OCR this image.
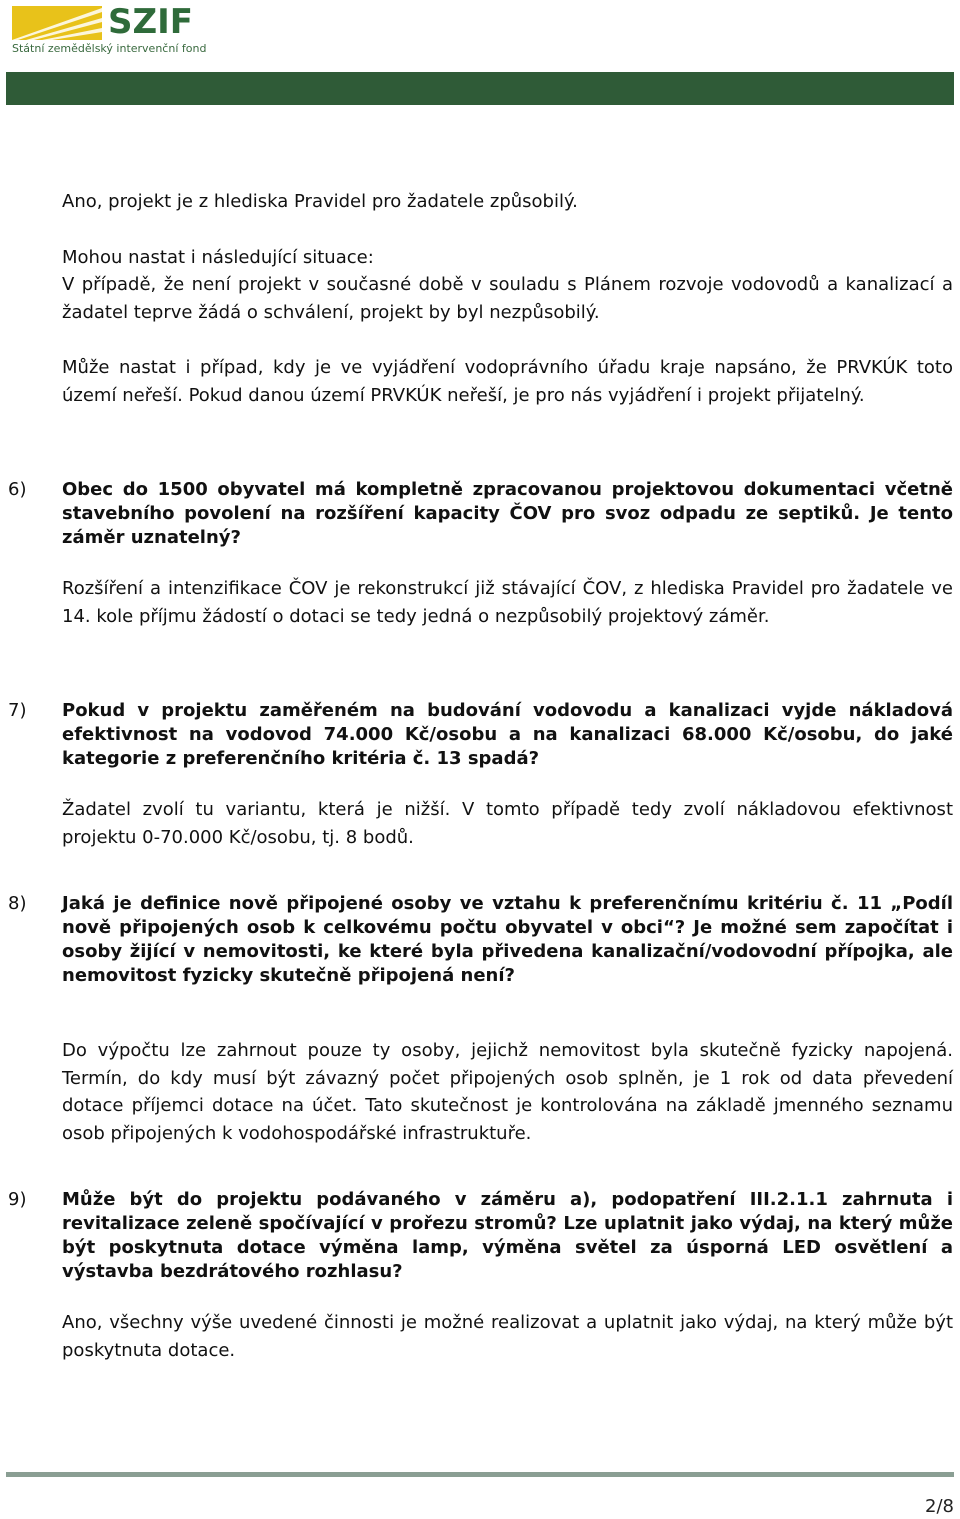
SZIF
Státní zemědělský intervenční fond
Ano, projekt je z hlediska Pravidel pro žadatele způsobilý.
Mohou nastat i následující situace:
V případě, že není projekt v současné době v souladu s Plánem rozvoje vodovodů a kanalizací a žadatel teprve žádá o schválení, projekt by byl nezpůsobilý.
Může nastat i případ, kdy je ve vyjádření vodoprávního úřadu kraje napsáno, že PRVKÚK toto území neřeší. Pokud danou území PRVKÚK neřeší, je pro nás vyjádření i projekt přijatelný.
6) Obec do 1500 obyvatel má kompletně zpracovanou projektovou dokumentaci včetně stavebního povolení na rozšíření kapacity ČOV pro svoz odpadu ze septiků. Je tento záměr uznatelný?
Rozšíření a intenzifikace ČOV je rekonstrukcí již stávající ČOV, z hlediska Pravidel pro žadatele ve 14. kole příjmu žádostí o dotaci se tedy jedná o nezpůsobilý projektový záměr.
7) Pokud v projektu zaměřeném na budování vodovodu a kanalizaci vyjde nákladová efektivnost na vodovod 74.000 Kč/osobu a na kanalizaci 68.000 Kč/osobu, do jaké kategorie z preferenčního kritéria č. 13 spadá?
Žadatel zvolí tu variantu, která je nižší. V tomto případě tedy zvolí nákladovou efektivnost projektu 0-70.000 Kč/osobu, tj. 8 bodů.
8) Jaká je definice nově připojené osoby ve vztahu k preferenčnímu kritériu č. 11 „Podíl nově připojených osob k celkovému počtu obyvatel v obci“? Je možné sem započítat i osoby žijící v nemovitosti, ke které byla přivedena kanalizační/vodovodní přípojka, ale nemovitost fyzicky skutečně připojená není?
Do výpočtu lze zahrnout pouze ty osoby, jejichž nemovitost byla skutečně fyzicky napojená. Termín, do kdy musí být závazný počet připojených osob splněn, je 1 rok od data převedení dotace příjemci dotace na účet. Tato skutečnost je kontrolována na základě jmenného seznamu osob připojených k vodohospodářské infrastruktuře.
9) Může být do projektu podávaného v záměru a), podopatření III.2.1.1 zahrnuta i revitalizace zeleně spočívající v prořezu stromů? Lze uplatnit jako výdaj, na který může být poskytnuta dotace výměna lamp, výměna světel za úsporná LED osvětlení a výstavba bezdrátového rozhlasu?
Ano, všechny výše uvedené činnosti je možné realizovat a uplatnit jako výdaj, na který může být poskytnuta dotace.
2/8
